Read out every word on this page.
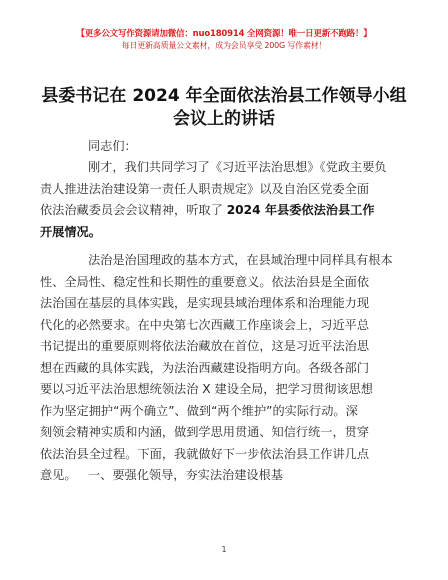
【更多公文写作资源请加微信：nuo180914 全网资源！唯一日更新不跑路！】
每日更新高质量公文素材，成为会员享受 200G 写作素材！
县委书记在 2024 年全面依法治县工作领导小组
会议上的讲话
同志们：
刚才，我们共同学习了《习近平法治思想》《党政主要负
责人推进法治建设第一责任人职责规定》以及自治区党委全面
依法治藏委员会会议精神，听取了 2024 年县委依法治县工作
开展情况。
法治是治国理政的基本方式，在县域治理中同样具有根本
性、全局性、稳定性和长期性的重要意义。依法治县是全面依
法治国在基层的具体实践，是实现县域治理体系和治理能力现
代化的必然要求。在中央第七次西藏工作座谈会上，习近平总
书记提出的重要原则将依法治藏放在首位，这是习近平法治思
想在西藏的具体实践，为法治西藏建设指明方向。各级各部门
要以习近平法治思想统领法治 X 建设全局，把学习贯彻该思想
作为坚定拥护“两个确立”、做到“两个维护”的实际行动。深
刻领会精神实质和内涵，做到学思用贯通、知信行统一，贯穿
依法治县全过程。下面，我就做好下一步依法治县工作讲几点
意见。 一、要强化领导，夯实法治建设根基
1
